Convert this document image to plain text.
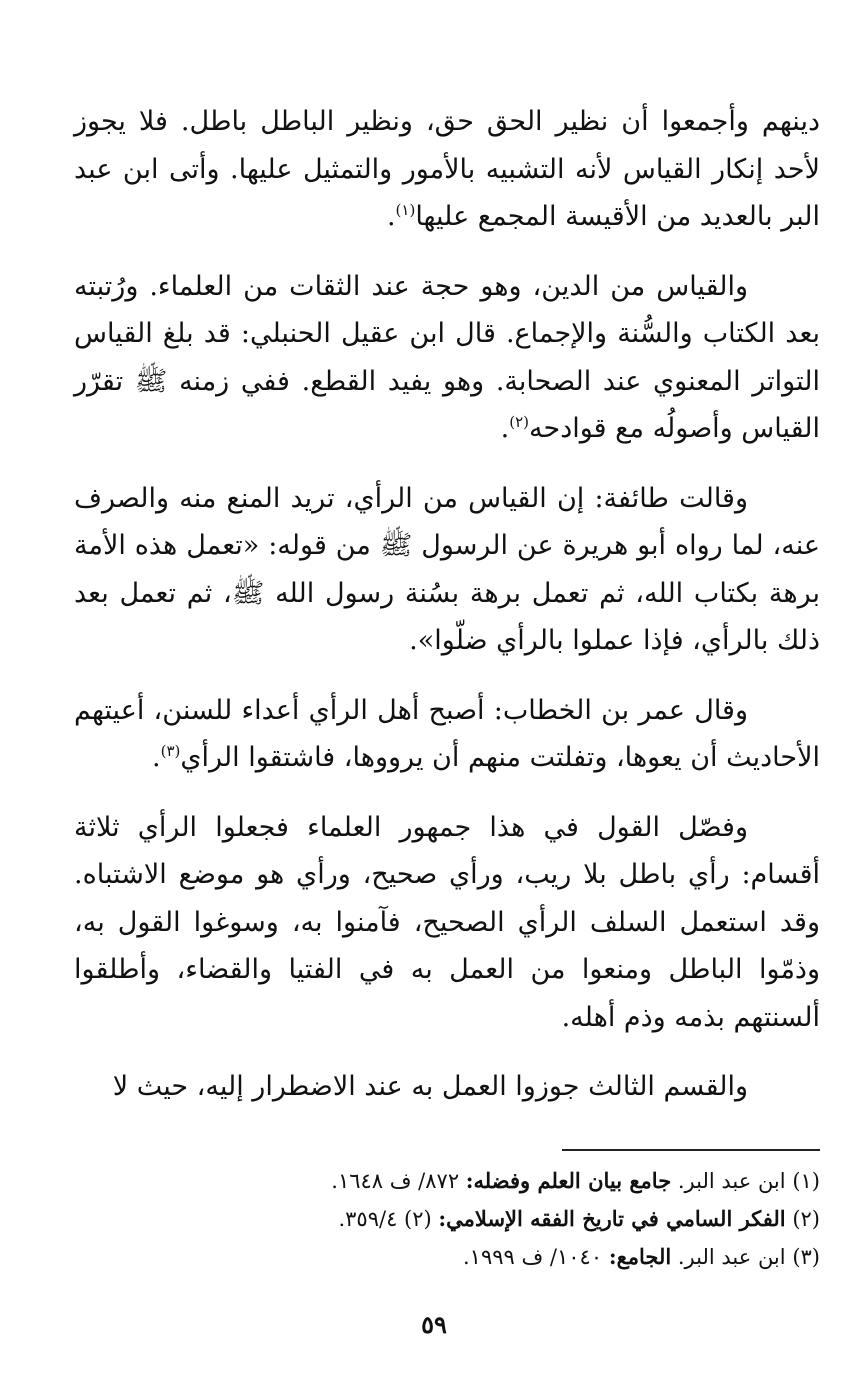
دينهم وأجمعوا أن نظير الحق حق، ونظير الباطل باطل. فلا يجوز لأحد إنكار القياس لأنه التشبيه بالأمور والتمثيل عليها. وأتى ابن عبد البر بالعديد من الأقيسة المجمع عليها$^{(١)}$.

والقياس من الدين، وهو حجة عند الثقات من العلماء. ورُتبته بعد الكتاب والسُّنة والإجماع. قال ابن عقيل الحنبلي: قد بلغ القياس التواتر المعنوي عند الصحابة. وهو يفيد القطع. ففي زمنه ﷺ تقرّر القياس وأصولُه مع قوادحه$^{(٢)}$.

وقالت طائفة: إن القياس من الرأي، تريد المنع منه والصرف عنه، لما رواه أبو هريرة عن الرسول ﷺ من قوله: «تعمل هذه الأمة برهة بكتاب الله، ثم تعمل برهة بسُنة رسول الله ﷺ، ثم تعمل بعد ذلك بالرأي، فإذا عملوا بالرأي ضلّوا».

وقال عمر بن الخطاب: أصبح أهل الرأي أعداء للسنن، أعيتهم الأحاديث أن يعوها، وتفلتت منهم أن يرووها، فاشتقوا الرأي$^{(٣)}$.

وفصّل القول في هذا جمهور العلماء فجعلوا الرأي ثلاثة أقسام: رأي باطل بلا ريب، ورأي صحيح، ورأي هو موضع الاشتباه. وقد استعمل السلف الرأي الصحيح، فآمنوا به، وسوغوا القول به، وذمّوا الباطل ومنعوا من العمل به في الفتيا والقضاء، وأطلقوا ألسنتهم بذمه وذم أهله.

والقسم الثالث جوزوا العمل به عند الاضطرار إليه، حيث لا

(١) ابن عبد البر. جامع بيان العلم وفضله: ٨٧٢/ ف ١٦٤٨.

(٢) الفكر السامي في تاريخ الفقه الإسلامي: (٢) ٣٥٩/٤.

(٣) ابن عبد البر. الجامع: ١٠٤٠/ ف ١٩٩٩.

٥٩
